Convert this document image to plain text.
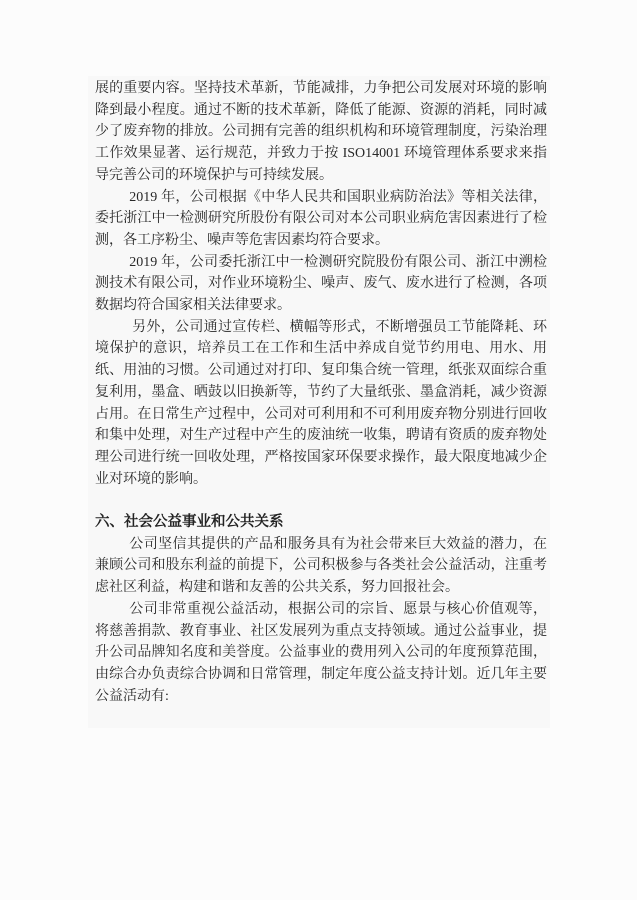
展的重要内容。坚持技术革新，节能减排，力争把公司发展对环境的影响降到最小程度。通过不断的技术革新，降低了能源、资源的消耗，同时减少了废弃物的排放。公司拥有完善的组织机构和环境管理制度，污染治理工作效果显著、运行规范，并致力于按 ISO14001 环境管理体系要求来指导完善公司的环境保护与可持续发展。

2019 年，公司根据《中华人民共和国职业病防治法》等相关法律，委托浙江中一检测研究所股份有限公司对本公司职业病危害因素进行了检测，各工序粉尘、噪声等危害因素均符合要求。

2019 年，公司委托浙江中一检测研究院股份有限公司、浙江中溯检测技术有限公司，对作业环境粉尘、噪声、废气、废水进行了检测，各项数据均符合国家相关法律要求。

另外，公司通过宣传栏、横幅等形式，不断增强员工节能降耗、环境保护的意识，培养员工在工作和生活中养成自觉节约用电、用水、用纸、用油的习惯。公司通过对打印、复印集合统一管理，纸张双面综合重复利用，墨盒、晒鼓以旧换新等，节约了大量纸张、墨盒消耗，减少资源占用。在日常生产过程中，公司对可利用和不可利用废弃物分别进行回收和集中处理，对生产过程中产生的废油统一收集，聘请有资质的废弃物处理公司进行统一回收处理，严格按国家环保要求操作，最大限度地减少企业对环境的影响。

六、社会公益事业和公共关系

公司坚信其提供的产品和服务具有为社会带来巨大效益的潜力，在兼顾公司和股东利益的前提下，公司积极参与各类社会公益活动，注重考虑社区利益，构建和谐和友善的公共关系，努力回报社会。

公司非常重视公益活动，根据公司的宗旨、愿景与核心价值观等，将慈善捐款、教育事业、社区发展列为重点支持领域。通过公益事业，提升公司品牌知名度和美誉度。公益事业的费用列入公司的年度预算范围，由综合办负责综合协调和日常管理，制定年度公益支持计划。近几年主要公益活动有:
